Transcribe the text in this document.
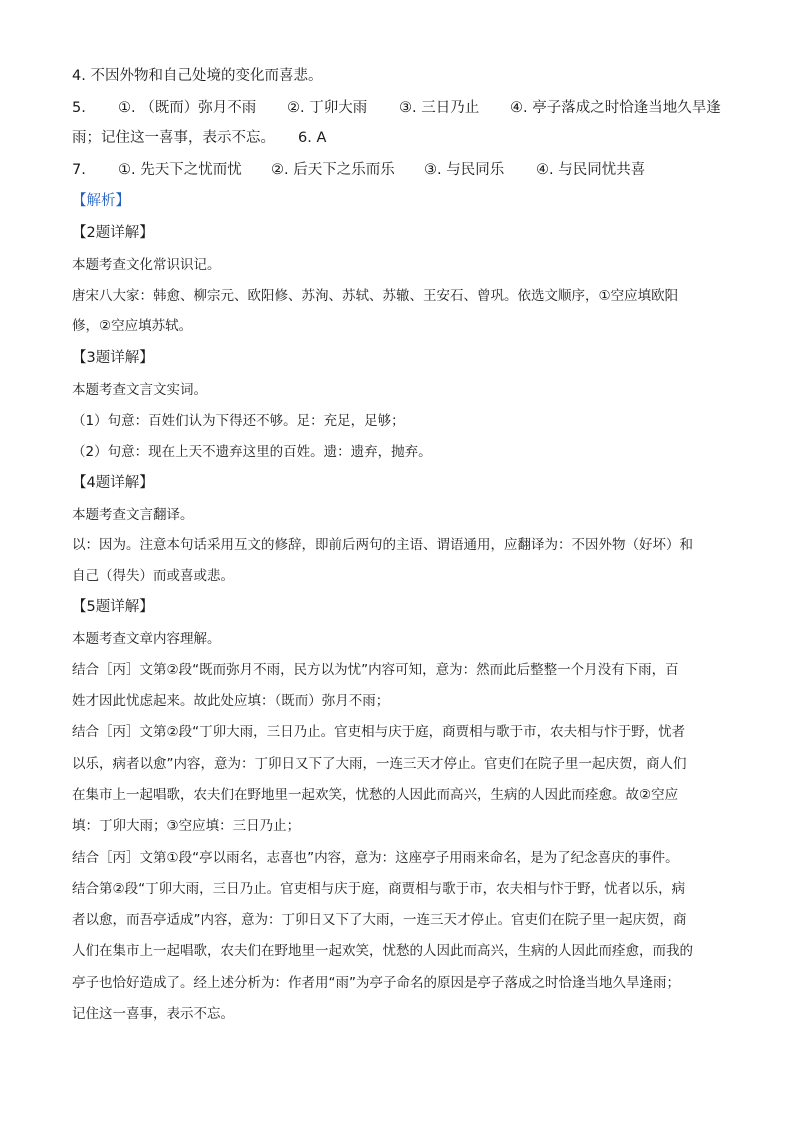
4. 不因外物和自己处境的变化而喜悲。
5. ①. （既而）弥月不雨 ②. 丁卯大雨 ③. 三日乃止 ④. 亭子落成之时恰逢当地久旱逢
雨；记住这一喜事，表示不忘。 6. A
7. ①. 先天下之忧而忧 ②. 后天下之乐而乐 ③. 与民同乐 ④. 与民同忧共喜
【解析】
【2题详解】
本题考查文化常识识记。
唐宋八大家：韩愈、柳宗元、欧阳修、苏洵、苏轼、苏辙、王安石、曾巩。依选文顺序，①空应填欧阳
修，②空应填苏轼。
【3题详解】
本题考查文言文实词。
（1）句意：百姓们认为下得还不够。足：充足，足够；
（2）句意：现在上天不遗弃这里的百姓。遗：遗弃，抛弃。
【4题详解】
本题考查文言翻译。
以：因为。注意本句话采用互文的修辞，即前后两句的主语、谓语通用，应翻译为：不因外物（好坏）和
自己（得失）而或喜或悲。
【5题详解】
本题考查文章内容理解。
结合［丙］文第②段“既而弥月不雨，民方以为忧”内容可知，意为：然而此后整整一个月没有下雨，百
姓才因此忧虑起来。故此处应填：（既而）弥月不雨；
结合［丙］文第②段“丁卯大雨，三日乃止。官吏相与庆于庭，商贾相与歌于市，农夫相与忭于野，忧者
以乐，病者以愈”内容，意为：丁卯日又下了大雨，一连三天才停止。官吏们在院子里一起庆贺，商人们
在集市上一起唱歌，农夫们在野地里一起欢笑，忧愁的人因此而高兴，生病的人因此而痊愈。故②空应
填：丁卯大雨；③空应填：三日乃止；
结合［丙］文第①段“亭以雨名，志喜也”内容，意为：这座亭子用雨来命名，是为了纪念喜庆的事件。
结合第②段“丁卯大雨，三日乃止。官吏相与庆于庭，商贾相与歌于市，农夫相与忭于野，忧者以乐，病
者以愈，而吾亭适成”内容，意为：丁卯日又下了大雨，一连三天才停止。官吏们在院子里一起庆贺，商
人们在集市上一起唱歌，农夫们在野地里一起欢笑，忧愁的人因此而高兴，生病的人因此而痊愈，而我的
亭子也恰好造成了。经上述分析为：作者用“雨”为亭子命名的原因是亭子落成之时恰逢当地久旱逢雨；
记住这一喜事，表示不忘。
